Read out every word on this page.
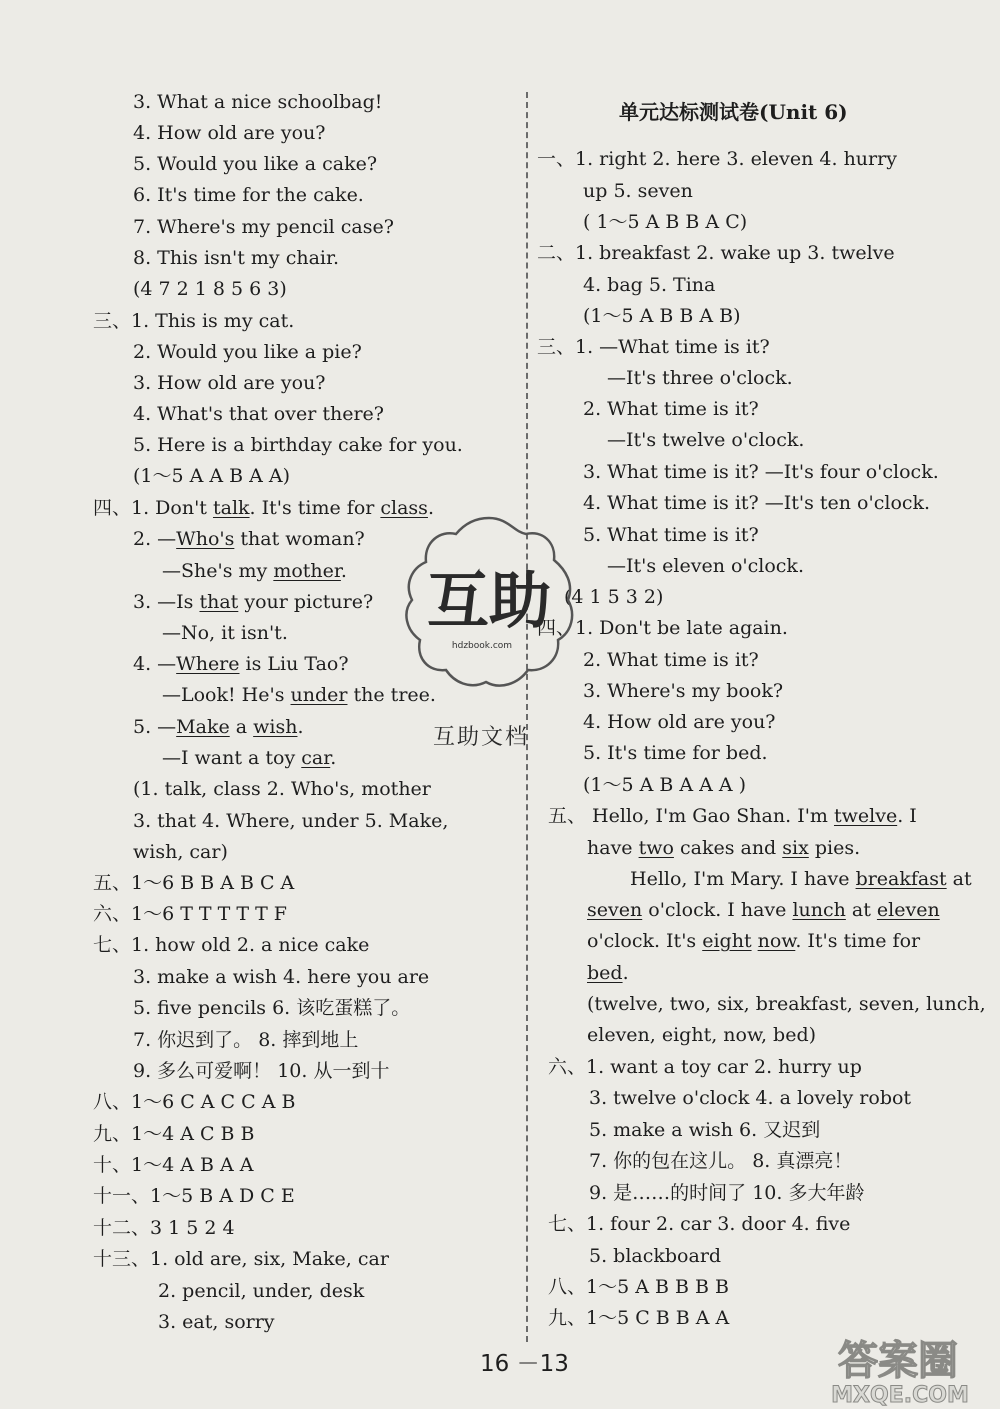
3. What a nice schoolbag!
4. How old are you?
5. Would you like a cake?
6. It's time for the cake.
7. Where's my pencil case?
8. This isn't my chair.
(4 7 2 1 8 5 6 3)
三、1. This is my cat.
2. Would you like a pie?
3. How old are you?
4. What's that over there?
5. Here is a birthday cake for you.
(1～5 A A B A A)
四、1. Don't talk. It's time for class.
2. —Who's that woman?
—She's my mother.
3. —Is that your picture?
—No, it isn't.
4. —Where is Liu Tao?
—Look! He's under the tree.
5. —Make a wish.
—I want a toy car.
(1. talk, class 2. Who's, mother
3. that 4. Where, under 5. Make,
wish, car)
五、1～6 B B A B C A
六、1～6 T T T T T F
七、1. how old 2. a nice cake
3. make a wish 4. here you are
5. five pencils 6. 该吃蛋糕了。
7. 你迟到了。 8. 摔到地上
9. 多么可爱啊！ 10. 从一到十
八、1～6 C A C C A B
九、1～4 A C B B
十、1～4 A B A A
十一、1～5 B A D C E
十二、3 1 5 2 4
十三、1. old are, six, Make, car
2. pencil, under, desk
3. eat, sorry
单元达标测试卷(Unit 6)
一、1. right 2. here 3. eleven 4. hurry
up 5. seven
( 1～5 A B B A C)
二、1. breakfast 2. wake up 3. twelve
4. bag 5. Tina
(1～5 A B B A B)
三、1. —What time is it?
—It's three o'clock.
2. What time is it?
—It's twelve o'clock.
3. What time is it? —It's four o'clock.
4. What time is it? —It's ten o'clock.
5. What time is it?
—It's eleven o'clock.
(4 1 5 3 2)
四、1. Don't be late again.
2. What time is it?
3. Where's my book?
4. How old are you?
5. It's time for bed.
(1～5 A B A A A )
五、 Hello, I'm Gao Shan. I'm twelve. I
have two cakes and six pies.
Hello, I'm Mary. I have breakfast at
seven o'clock. I have lunch at eleven
o'clock. It's eight now. It's time for
bed.
(twelve, two, six, breakfast, seven, lunch,
eleven, eight, now, bed)
六、1. want a toy car 2. hurry up
3. twelve o'clock 4. a lovely robot
5. make a wish 6. 又迟到
7. 你的包在这儿。 8. 真漂亮！
9. 是……的时间了 10. 多大年龄
七、1. four 2. car 3. door 4. five
5. blackboard
八、1～5 A B B B B
九、1～5 C B B A A
互助
hdzbook.com
互助文档
16 －13	答案圈
MXQE.COM
